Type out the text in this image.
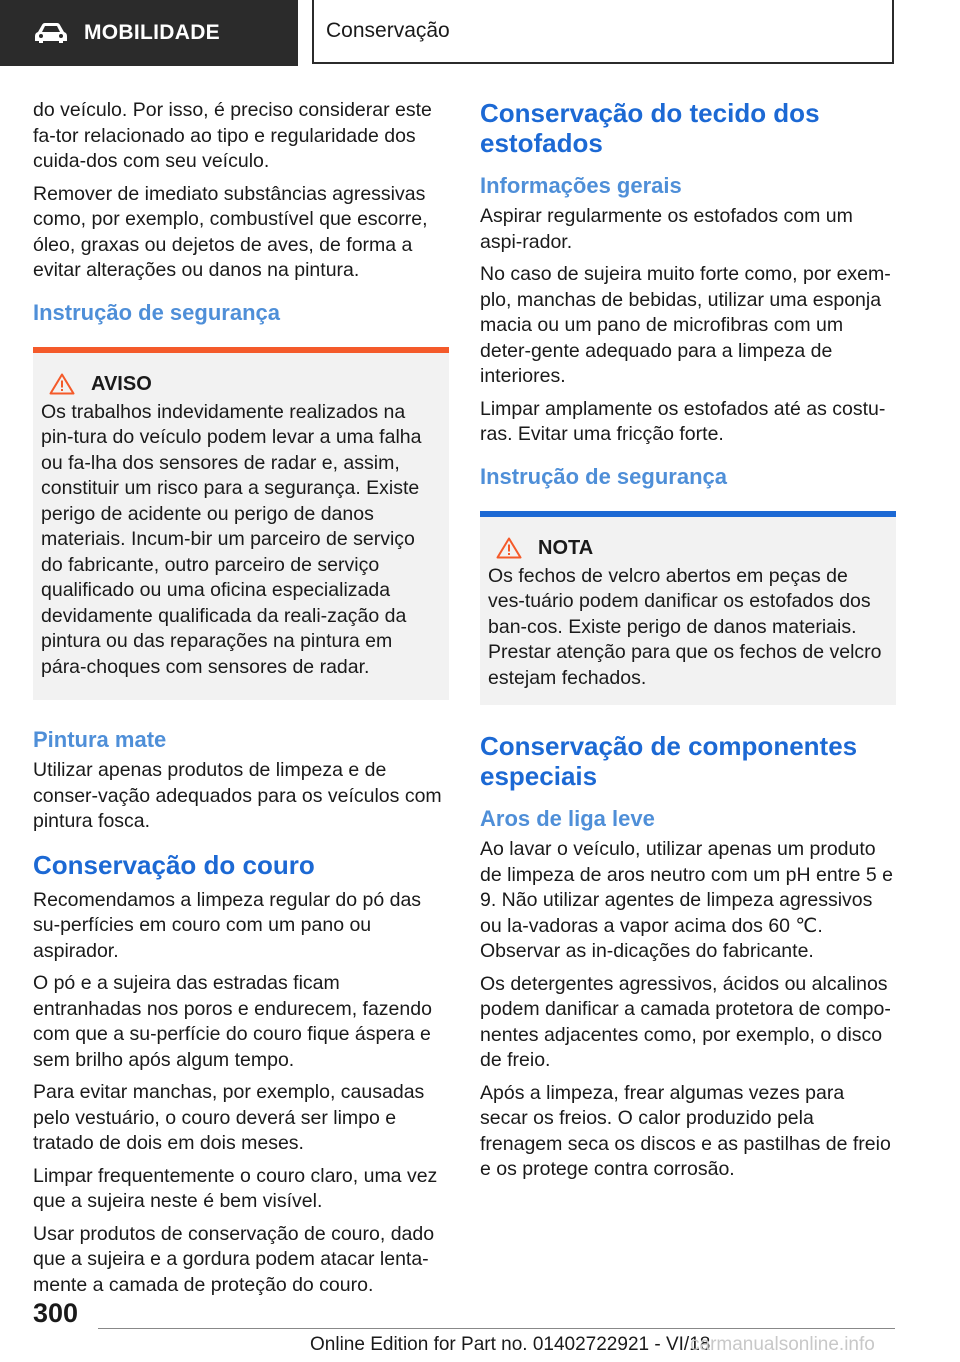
MOBILIDADE	Conservação

do veículo. Por isso, é preciso considerar este fa-tor relacionado ao tipo e regularidade dos cuida-dos com seu veículo.

Remover de imediato substâncias agressivas como, por exemplo, combustível que escorre, óleo, graxas ou dejetos de aves, de forma a evitar alterações ou danos na pintura.

Instrução de segurança
AVISO

Os trabalhos indevidamente realizados na pin-tura do veículo podem levar a uma falha ou fa-lha dos sensores de radar e, assim, constituir um risco para a segurança. Existe perigo de acidente ou perigo de danos materiais. Incum-bir um parceiro de serviço do fabricante, outro parceiro de serviço qualificado ou uma oficina especializada devidamente qualificada da reali-zação da pintura ou das reparações na pintura em pára-choques com sensores de radar.

Pintura mate

Utilizar apenas produtos de limpeza e de conser-vação adequados para os veículos com pintura fosca.

Conservação do couro

Recomendamos a limpeza regular do pó das su-perfícies em couro com um pano ou aspirador.

O pó e a sujeira das estradas ficam entranhadas nos poros e endurecem, fazendo com que a su-perfície do couro fique áspera e sem brilho após algum tempo.

Para evitar manchas, por exemplo, causadas pelo vestuário, o couro deverá ser limpo e tratado de dois em dois meses.

Limpar frequentemente o couro claro, uma vez que a sujeira neste é bem visível.

Usar produtos de conservação de couro, dado que a sujeira e a gordura podem atacar lenta-mente a camada de proteção do couro.

Conservação do tecido dos estofados
Informações gerais

Aspirar regularmente os estofados com um aspi-rador.

No caso de sujeira muito forte como, por exem-plo, manchas de bebidas, utilizar uma esponja macia ou um pano de microfibras com um deter-gente adequado para a limpeza de interiores.

Limpar amplamente os estofados até as costu-ras. Evitar uma fricção forte.

Instrução de segurança
NOTA

Os fechos de velcro abertos em peças de ves-tuário podem danificar os estofados dos ban-cos. Existe perigo de danos materiais. Prestar atenção para que os fechos de velcro estejam fechados.

Conservação de componentes especiais
Aros de liga leve

Ao lavar o veículo, utilizar apenas um produto de limpeza de aros neutro com um pH entre 5 e 9. Não utilizar agentes de limpeza agressivos ou la-vadoras a vapor acima dos 60 ℃. Observar as in-dicações do fabricante.

Os detergentes agressivos, ácidos ou alcalinos podem danificar a camada protetora de compo-nentes adjacentes como, por exemplo, o disco de freio.

Após a limpeza, frear algumas vezes para secar os freios. O calor produzido pela frenagem seca os discos e as pastilhas de freio e os protege contra corrosão.

300
Online Edition for Part no. 01402722921 - VI/18
carmanualsonline.info
